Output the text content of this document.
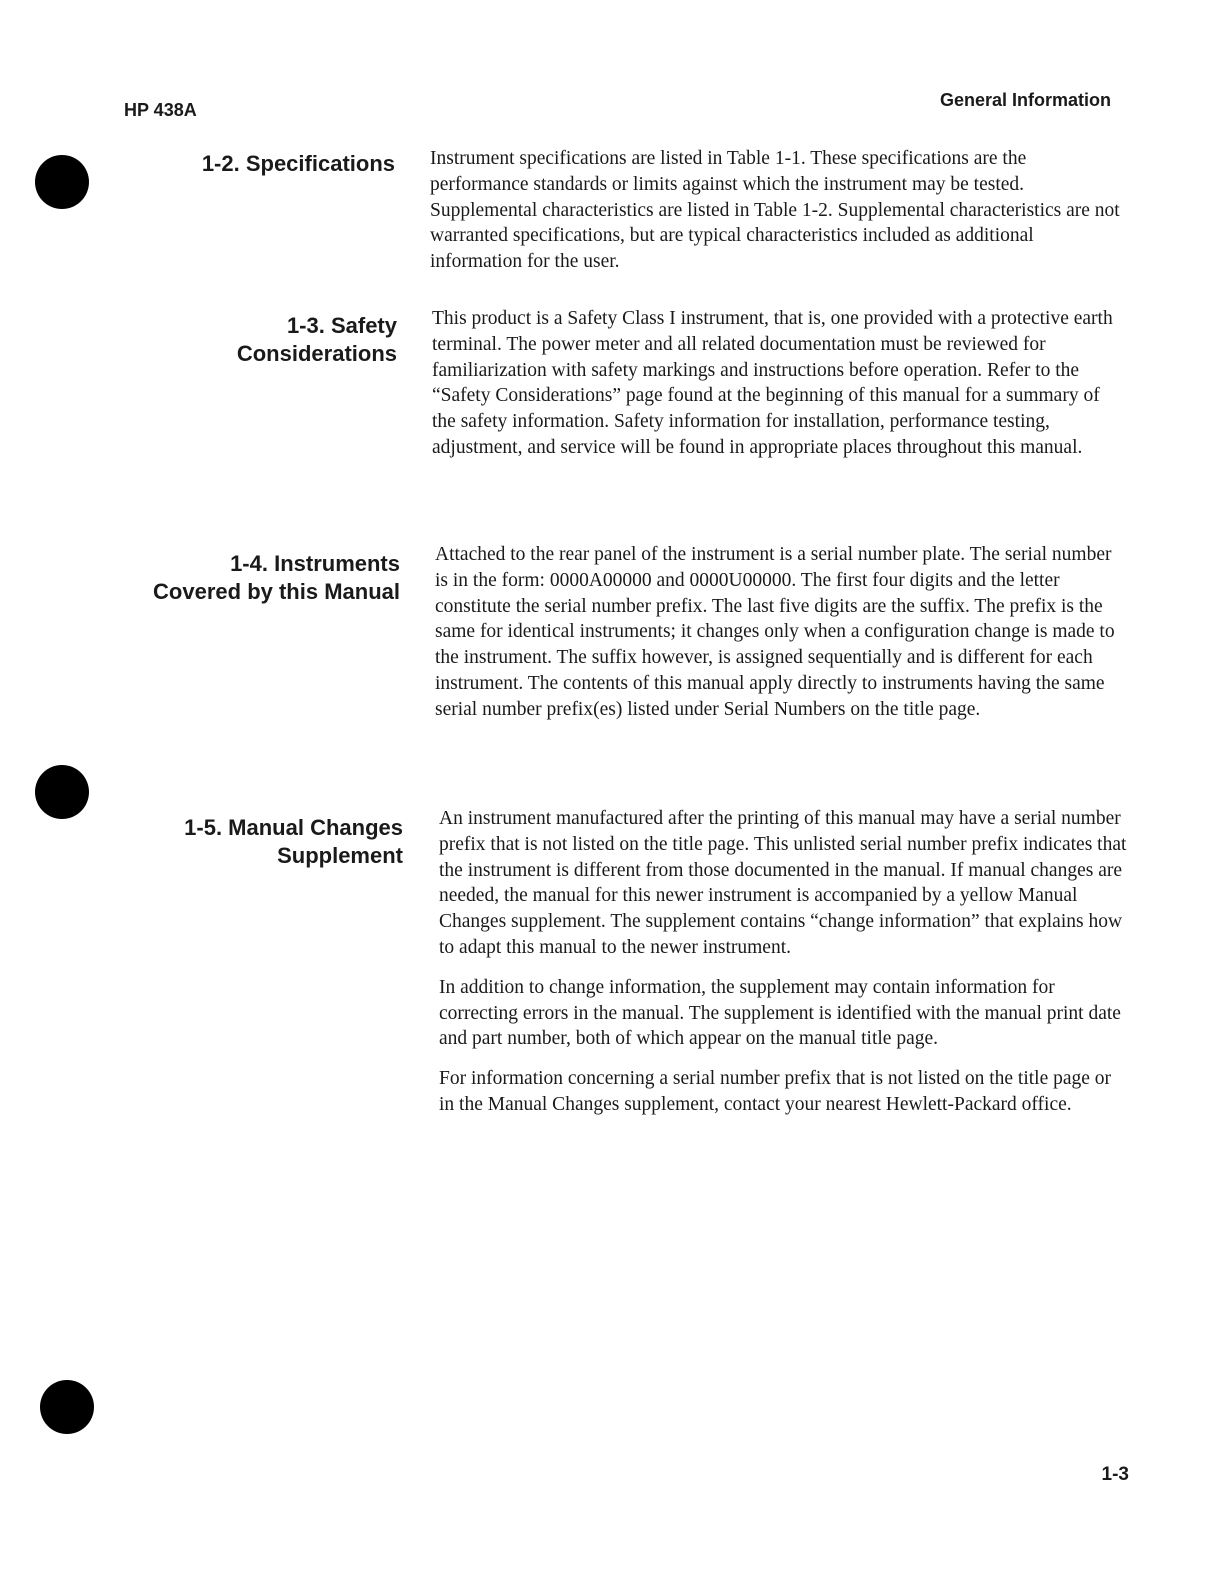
HP 438A	General Information
1-2. Specifications Instrument specifications are listed in Table 1-1. These specifications are the performance standards or limits against which the instrument may be tested. Supplemental characteristics are listed in Table 1-2. Supplemental characteristics are not warranted specifications, but are typical characteristics included as additional information for the user.

1-3. Safety
Considerations

This product is a Safety Class I instrument, that is, one provided with a protective earth terminal. The power meter and all related documentation must be reviewed for familiarization with safety markings and instructions before operation. Refer to the “Safety Considerations” page found at the beginning of this manual for a summary of the safety information. Safety information for installation, performance testing, adjustment, and service will be found in appropriate places throughout this manual.

1-4. Instruments
Covered by this Manual

Attached to the rear panel of the instrument is a serial number plate. The serial number is in the form: 0000A00000 and 0000U00000. The first four digits and the letter constitute the serial number prefix. The last five digits are the suffix. The prefix is the same for identical instruments; it changes only when a configuration change is made to the instrument. The suffix however, is assigned sequentially and is different for each instrument. The contents of this manual apply directly to instruments having the same serial number prefix(es) listed under Serial Numbers on the title page.

1-5. Manual Changes
Supplement

An instrument manufactured after the printing of this manual may have a serial number prefix that is not listed on the title page. This unlisted serial number prefix indicates that the instrument is different from those documented in the manual. If manual changes are needed, the manual for this newer instrument is accompanied by a yellow Manual Changes supplement. The supplement contains “change information” that explains how to adapt this manual to the newer instrument.

In addition to change information, the supplement may contain information for correcting errors in the manual. The supplement is identified with the manual print date and part number, both of which appear on the manual title page.

For information concerning a serial number prefix that is not listed on the title page or in the Manual Changes supplement, contact your nearest Hewlett-Packard office.

1-3
